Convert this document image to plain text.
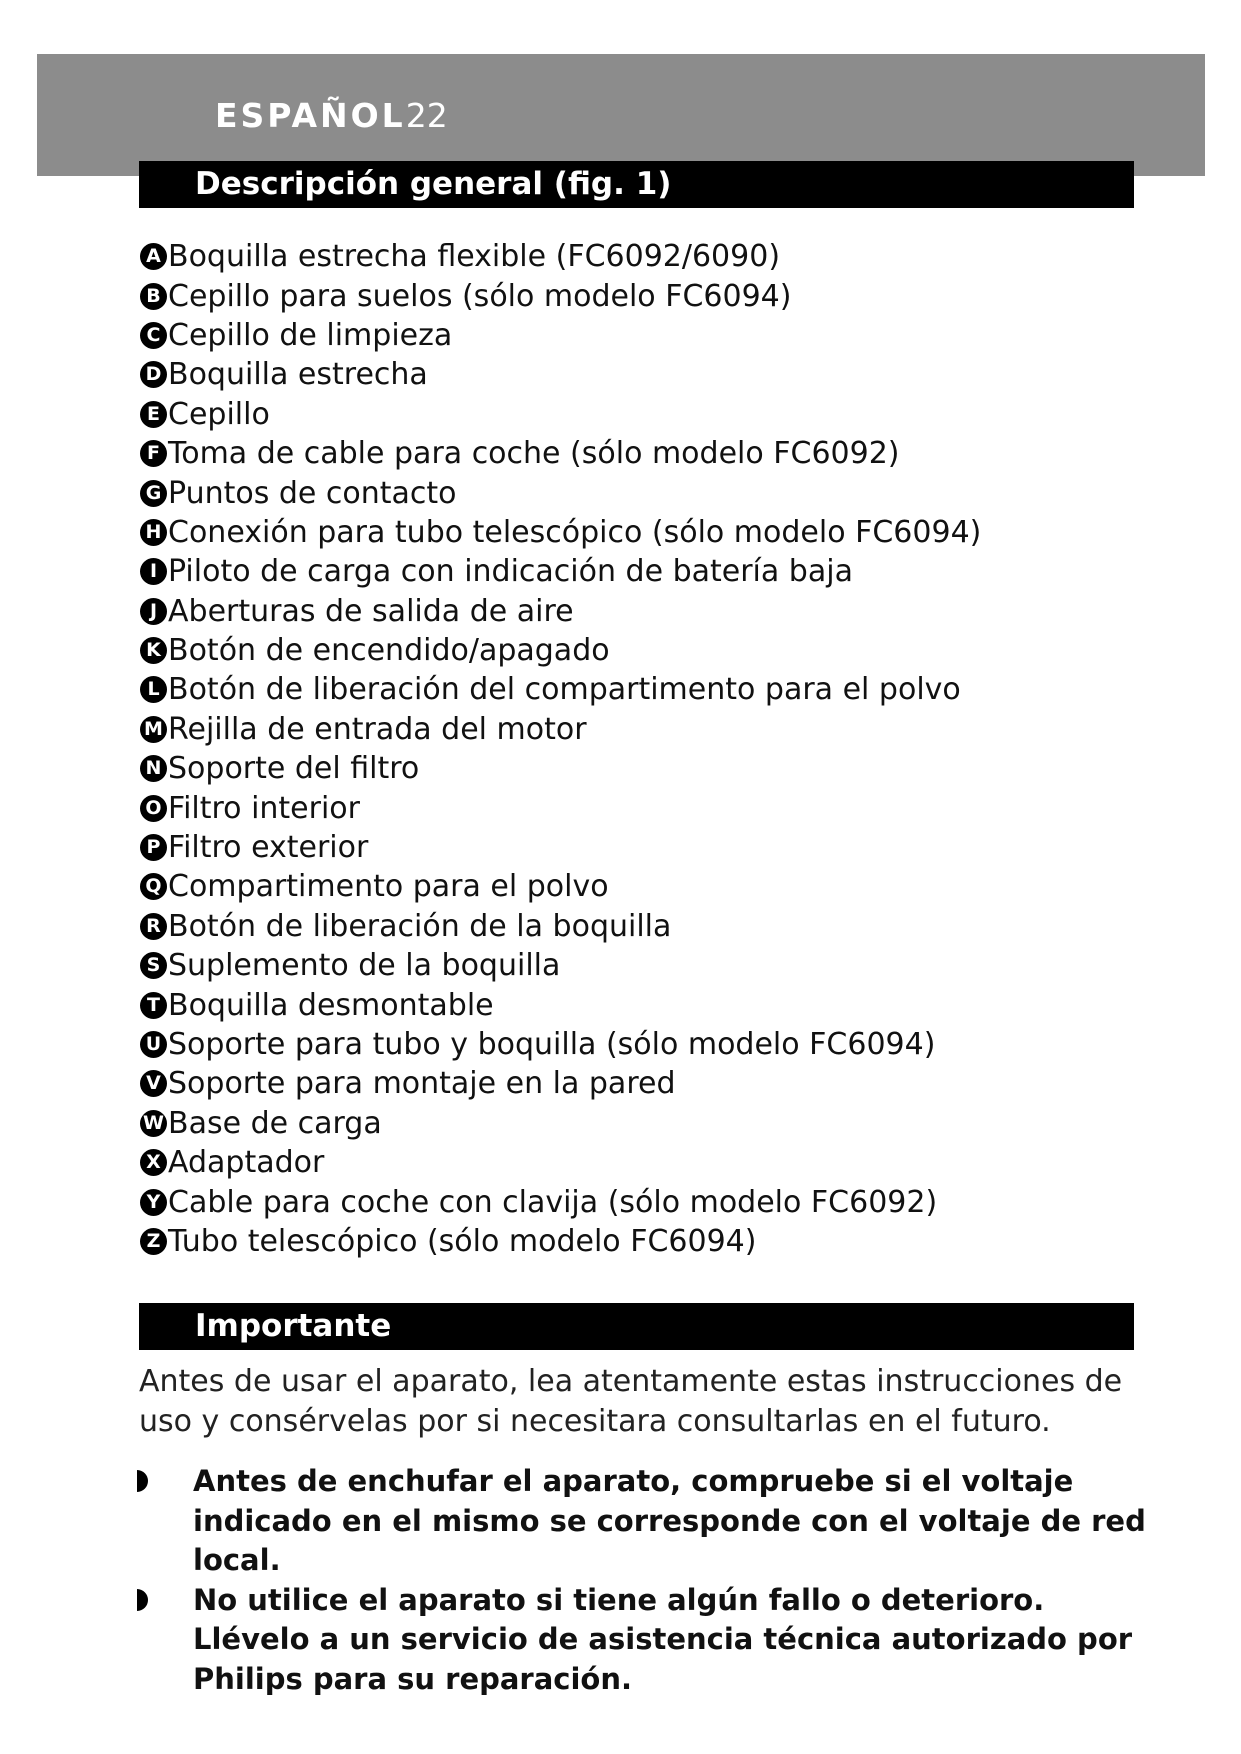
ESPAÑOL22
Descripción general (fig. 1)
A Boquilla estrecha flexible (FC6092/6090)
B Cepillo para suelos (sólo modelo FC6094)
C Cepillo de limpieza
D Boquilla estrecha
E Cepillo
F Toma de cable para coche (sólo modelo FC6092)
G Puntos de contacto
H Conexión para tubo telescópico (sólo modelo FC6094)
I Piloto de carga con indicación de batería baja
J Aberturas de salida de aire
K Botón de encendido/apagado
L Botón de liberación del compartimento para el polvo
M Rejilla de entrada del motor
N Soporte del filtro
O Filtro interior
P Filtro exterior
Q Compartimento para el polvo
R Botón de liberación de la boquilla
S Suplemento de la boquilla
T Boquilla desmontable
U Soporte para tubo y boquilla (sólo modelo FC6094)
V Soporte para montaje en la pared
W Base de carga
X Adaptador
Y Cable para coche con clavija (sólo modelo FC6092)
Z Tubo telescópico (sólo modelo FC6094)
Importante

Antes de usar el aparato, lea atentamente estas instrucciones de uso y consérvelas por si necesitara consultarlas en el futuro.

Antes de enchufar el aparato, compruebe si el voltaje indicado en el mismo se corresponde con el voltaje de red local.
No utilice el aparato si tiene algún fallo o deterioro. Llévelo a un servicio de asistencia técnica autorizado por Philips para su reparación.
